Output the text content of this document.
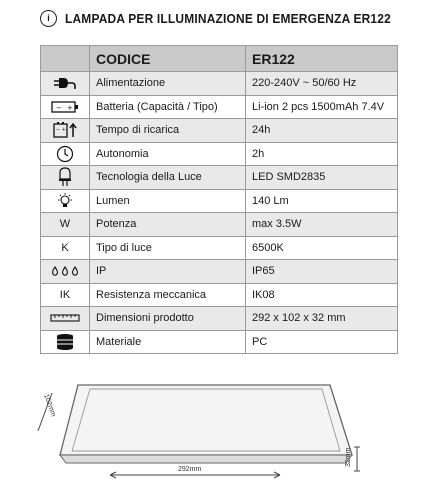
i	LAMPADA PER ILLUMINAZIONE DI EMERGENZA ER122
	CODICE	ER122

	Alimentazione	220-240V ~ 50/60 Hz

− +	Batteria (Capacità / Tipo)	Li-ion 2 pcs 1500mAh 7.4V

− +	Tempo di ricarica	24h

	Autonomia	2h

	Tecnologia della Luce	LED SMD2835

	Lumen	140 Lm
W	Potenza	max 3.5W
K	Tipo di luce	6500K

	IP	IP65
IK	Resistenza meccanica	IK08

	Dimensioni prodotto	292 x 102 x 32 mm

	Materiale	PC
102mm
292mm
32mm
